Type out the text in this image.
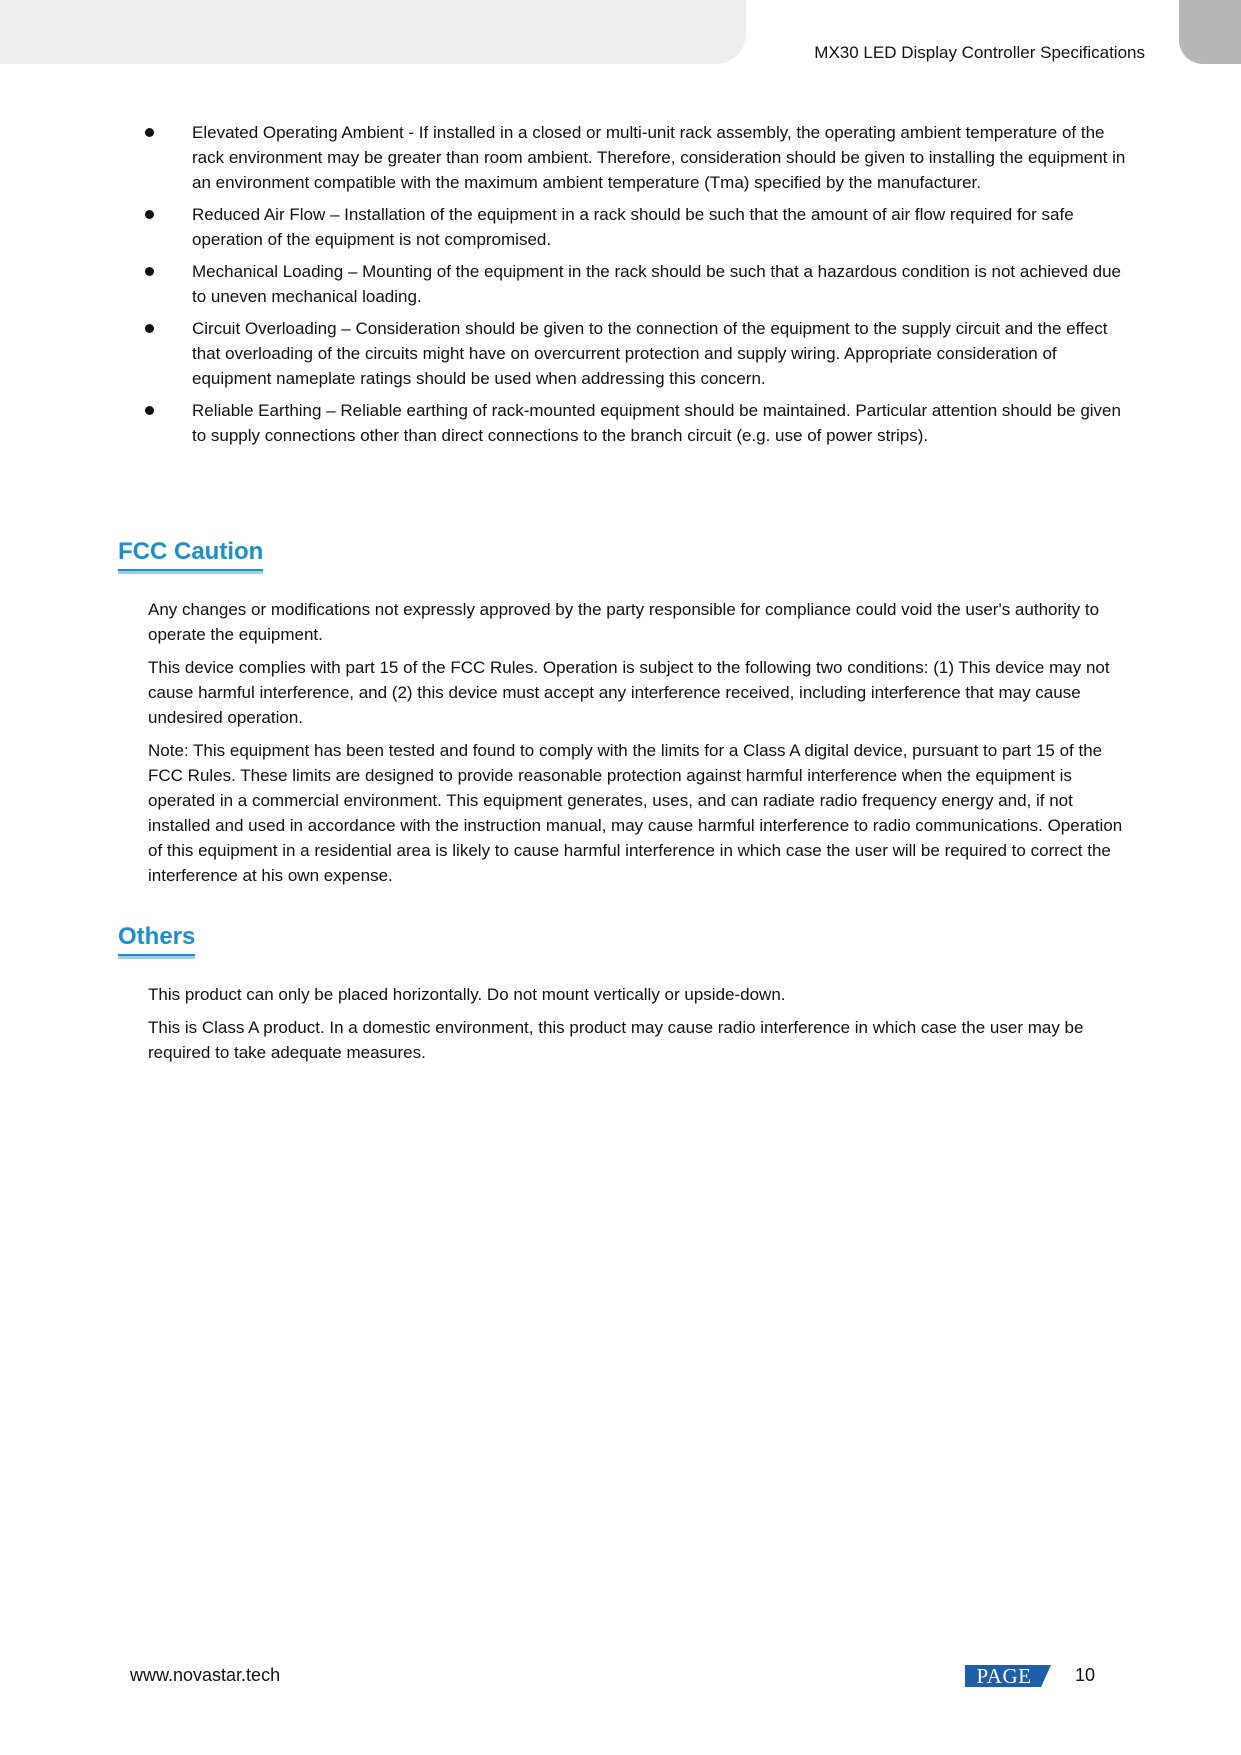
MX30 LED Display Controller Specifications
Elevated Operating Ambient - If installed in a closed or multi-unit rack assembly, the operating ambient temperature of the rack environment may be greater than room ambient. Therefore, consideration should be given to installing the equipment in an environment compatible with the maximum ambient temperature (Tma) specified by the manufacturer.
Reduced Air Flow – Installation of the equipment in a rack should be such that the amount of air flow required for safe operation of the equipment is not compromised.
Mechanical Loading – Mounting of the equipment in the rack should be such that a hazardous condition is not achieved due to uneven mechanical loading.
Circuit Overloading – Consideration should be given to the connection of the equipment to the supply circuit and the effect that overloading of the circuits might have on overcurrent protection and supply wiring. Appropriate consideration of equipment nameplate ratings should be used when addressing this concern.
Reliable Earthing – Reliable earthing of rack-mounted equipment should be maintained. Particular attention should be given to supply connections other than direct connections to the branch circuit (e.g. use of power strips).
FCC Caution

Any changes or modifications not expressly approved by the party responsible for compliance could void the user's authority to operate the equipment.

This device complies with part 15 of the FCC Rules. Operation is subject to the following two conditions: (1) This device may not cause harmful interference, and (2) this device must accept any interference received, including interference that may cause undesired operation.

Note: This equipment has been tested and found to comply with the limits for a Class A digital device, pursuant to part 15 of the FCC Rules. These limits are designed to provide reasonable protection against harmful interference when the equipment is operated in a commercial environment. This equipment generates, uses, and can radiate radio frequency energy and, if not installed and used in accordance with the instruction manual, may cause harmful interference to radio communications. Operation of this equipment in a residential area is likely to cause harmful interference in which case the user will be required to correct the interference at his own expense.

Others

This product can only be placed horizontally. Do not mount vertically or upside-down.

This is Class A product. In a domestic environment, this product may cause radio interference in which case the user may be required to take adequate measures.

www.novastar.tech	PAGE	10
